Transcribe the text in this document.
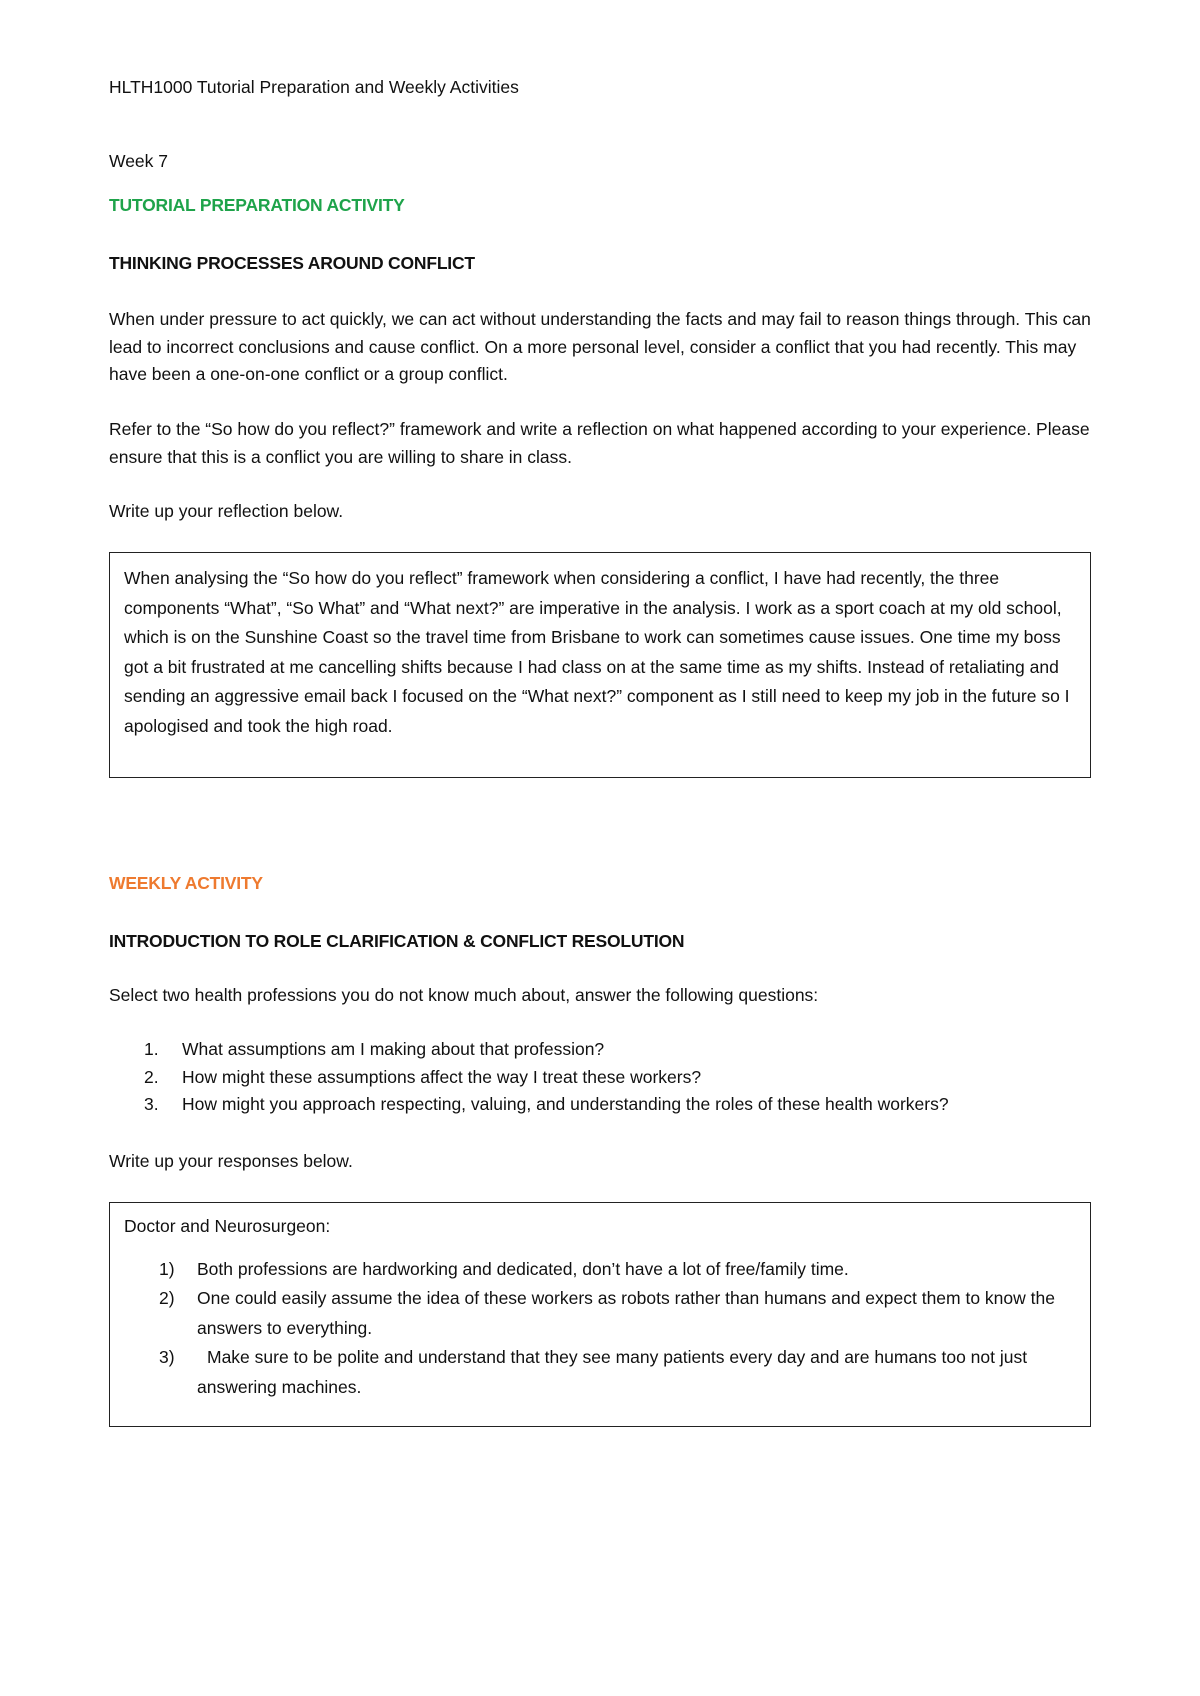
HLTH1000 Tutorial Preparation and Weekly Activities

Week 7

TUTORIAL PREPARATION ACTIVITY

THINKING PROCESSES AROUND CONFLICT

When under pressure to act quickly, we can act without understanding the facts and may fail to reason things through. This can lead to incorrect conclusions and cause conflict. On a more personal level, consider a conflict that you had recently. This may have been a one-on-one conflict or a group conflict.

Refer to the “So how do you reflect?” framework and write a reflection on what happened according to your experience. Please ensure that this is a conflict you are willing to share in class.

Write up your reflection below.

When analysing the “So how do you reflect” framework when considering a conflict, I have had recently, the three components “What”, “So What” and “What next?” are imperative in the analysis. I work as a sport coach at my old school, which is on the Sunshine Coast so the travel time from Brisbane to work can sometimes cause issues. One time my boss got a bit frustrated at me cancelling shifts because I had class on at the same time as my shifts. Instead of retaliating and sending an aggressive email back I focused on the “What next?” component as I still need to keep my job in the future so I apologised and took the high road.

WEEKLY ACTIVITY

INTRODUCTION TO ROLE CLARIFICATION & CONFLICT RESOLUTION

Select two health professions you do not know much about, answer the following questions:

1. What assumptions am I making about that profession?
2. How might these assumptions affect the way I treat these workers?
3. How might you approach respecting, valuing, and understanding the roles of these health workers?

Write up your responses below.

Doctor and Neurosurgeon:

1) Both professions are hardworking and dedicated, don’t have a lot of free/family time.
2) One could easily assume the idea of these workers as robots rather than humans and expect them to know the answers to everything.
3) Make sure to be polite and understand that they see many patients every day and are humans too not just answering machines.
